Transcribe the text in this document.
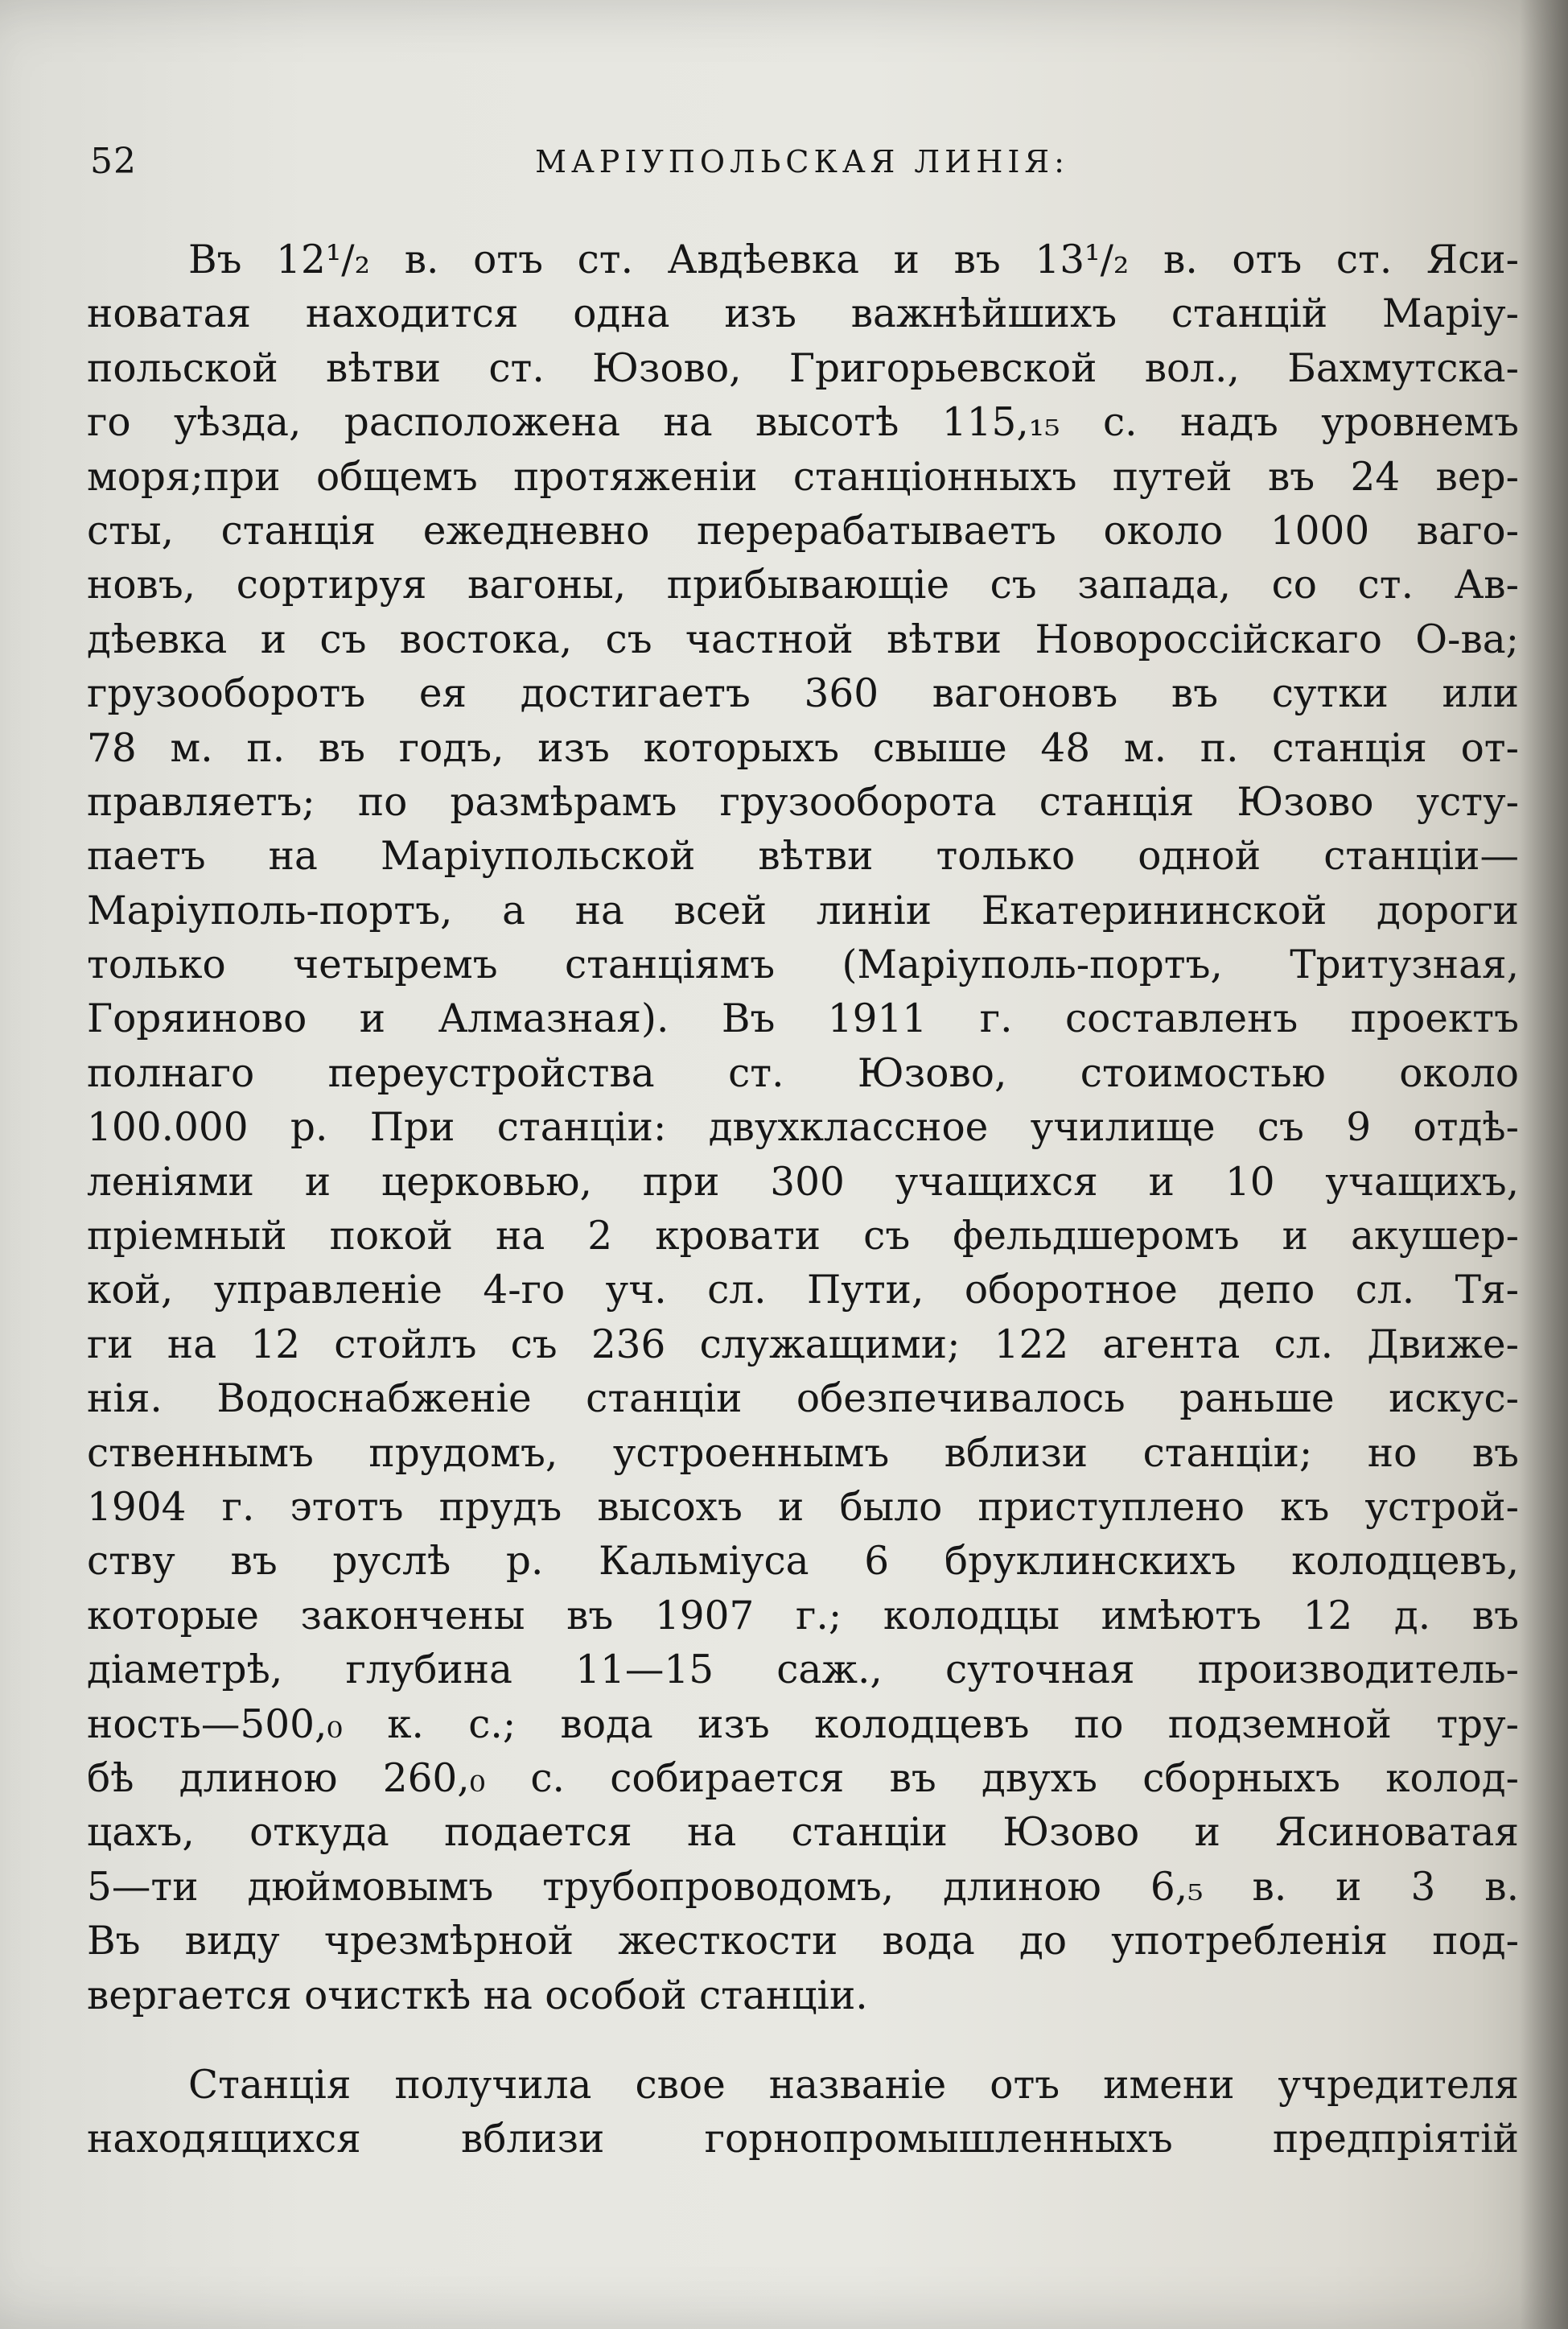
52	МАРІУПОЛЬСКАЯ ЛИНІЯ:
Въ 12¹/₂ в. отъ ст. Авдѣевка и въ 13¹/₂ в. отъ ст. Яси-
новатая находится одна изъ важнѣйшихъ станцій Маріу-
польской вѣтви ст. Юзово, Григорьевской вол., Бахмутска-
го уѣзда, расположена на высотѣ 115,₁₅ с. надъ уровнемъ
моря;при общемъ протяженіи станціонныхъ путей въ 24 вер-
сты, станція ежедневно перерабатываетъ около 1000 ваго-
новъ, сортируя вагоны, прибывающіе съ запада, со ст. Ав-
дѣевка и съ востока, съ частной вѣтви Новороссійскаго О-ва;
грузооборотъ ея достигаетъ 360 вагоновъ въ сутки или
78 м. п. въ годъ, изъ которыхъ свыше 48 м. п. станція от-
правляетъ; по размѣрамъ грузооборота станція Юзово усту-
паетъ на Маріупольской вѣтви только одной станціи—
Маріуполь-портъ, а на всей линіи Екатерининской дороги
только четыремъ станціямъ (Маріуполь-портъ, Тритузная,
Горяиново и Алмазная). Въ 1911 г. составленъ проектъ
полнаго переустройства ст. Юзово, стоимостью около
100.000 р. При станціи: двухклассное училище съ 9 отдѣ-
леніями и церковью, при 300 учащихся и 10 учащихъ,
пріемный покой на 2 кровати съ фельдшеромъ и акушер-
кой, управленіе 4-го уч. сл. Пути, оборотное депо сл. Тя-
ги на 12 стойлъ съ 236 служащими; 122 агента сл. Движе-
нія. Водоснабженіе станціи обезпечивалось раньше искус-
ственнымъ прудомъ, устроеннымъ вблизи станціи; но въ
1904 г. этотъ прудъ высохъ и было приступлено къ устрой-
ству въ руслѣ р. Кальміуса 6 бруклинскихъ колодцевъ,
которые закончены въ 1907 г.; колодцы имѣютъ 12 д. въ
діаметрѣ, глубина 11—15 саж., суточная производитель-
ность—500,₀ к. с.; вода изъ колодцевъ по подземной тру-
бѣ длиною 260,₀ с. собирается въ двухъ сборныхъ колод-
цахъ, откуда подается на станціи Юзово и Ясиноватая
5—ти дюймовымъ трубопроводомъ, длиною 6,₅ в. и 3 в.
Въ виду чрезмѣрной жесткости вода до употребленія под-
вергается очисткѣ на особой станціи.
Станція получила свое названіе отъ имени учредителя
находящихся вблизи горнопромышленныхъ предпріятій
